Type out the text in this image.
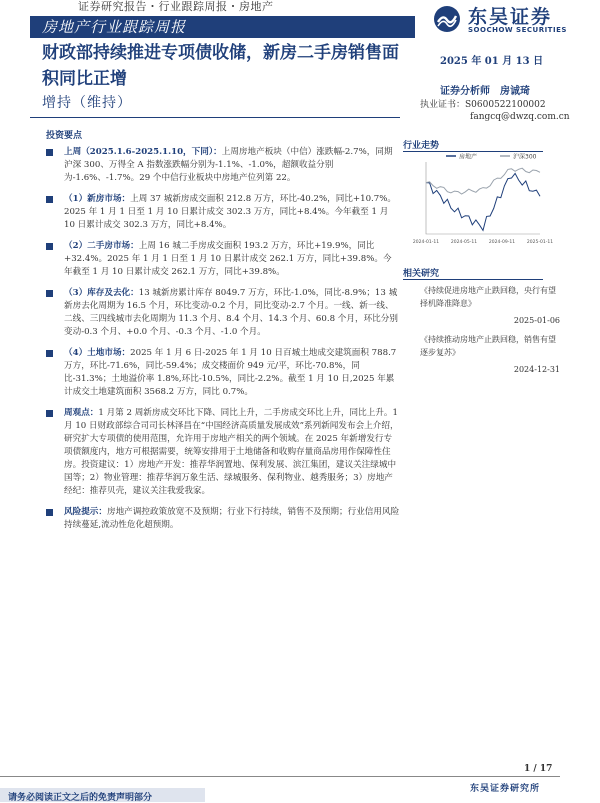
证券研究报告・行业跟踪周报・房地产
房地产行业跟踪周报	东吴证券
SOOCHOW SECURITIES
财政部持续推进专项债收储，新房二手房销售面积同比正增
2025 年 01 月 13 日
增持（维持）
证券分析师　房诚琦
执业证书：S0600522100002
fangcq@dwzq.com.cn
投资要点
上周（2025.1.6-2025.1.10，下同）：上周房地产板块（中信）涨跌幅-2.7%，同期沪深 300、万得全 A 指数涨跌幅分别为-1.1%、-1.0%，超额收益分别为-1.6%、-1.7%。29 个中信行业板块中房地产位列第 22。
（1）新房市场：上周 37 城新房成交面积 212.8 万方，环比-40.2%，同比+10.7%。2025 年 1 月 1 日至 1 月 10 日累计成交 302.3 万方，同比+8.4%。今年截至 1 月 10 日累计成交 302.3 万方，同比+8.4%。
（2）二手房市场：上周 16 城二手房成交面积 193.2 万方，环比+19.9%，同比+32.4%。2025 年 1 月 1 日至 1 月 10 日累计成交 262.1 万方，同比+39.8%。今年截至 1 月 10 日累计成交 262.1 万方，同比+39.8%。
（3）库存及去化：13 城新房累计库存 8049.7 万方，环比-1.0%，同比-8.9%；13 城新房去化周期为 16.5 个月，环比变动-0.2 个月，同比变动-2.7 个月。一线、新一线、二线、三四线城市去化周期为 11.3 个月、8.4 个月、14.3 个月、60.8 个月，环比分别变动-0.3 个月、+0.0 个月、-0.3 个月、-1.0 个月。
（4）土地市场：2025 年 1 月 6 日-2025 年 1 月 10 日百城土地成交建筑面积 788.7 万方，环比-71.6%，同比-59.4%；成交楼面价 949 元/平，环比-70.8%，同比-31.3%；土地溢价率 1.8%,环比-10.5%，同比-2.2%。截至 1 月 10 日,2025 年累计成交土地建筑面积 3568.2 万方，同比 0.7%。
周观点：1 月第 2 周新房成交环比下降、同比上升，二手房成交环比上升，同比上升。1 月 10 日财政部综合司司长林泽昌在“中国经济高质量发展成效”系列新闻发布会上介绍，研究扩大专项债的使用范围，允许用于房地产相关的两个领域。在 2025 年新增发行专项债额度内，地方可根据需要，统筹安排用于土地储备和收购存量商品房用作保障性住房。投资建议：1）房地产开发：推荐华润置地、保利发展、滨江集团，建议关注绿城中国等；2）物业管理：推荐华润万象生活、绿城服务、保利物业、越秀服务；3）房地产经纪：推荐贝壳，建议关注我爱我家。
风险提示：房地产调控政策放宽不及预期；行业下行持续，销售不及预期；行业信用风险持续蔓延,流动性危化超预期。
行业走势
房地产	沪深300
2024-01-11	2024-05-11	2024-09-11	2025-01-11
相关研究
《持续促进房地产止跌回稳，央行有望择机降准降息》
2025-01-06
《持续推动房地产止跌回稳，销售有望逐步复苏》
2024-12-31
1 / 17
东吴证券研究所
请务必阅读正文之后的免责声明部分
